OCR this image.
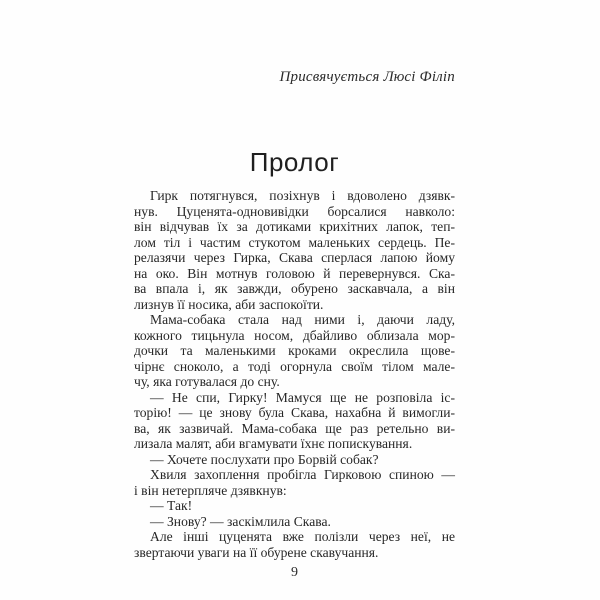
Присвячується Люсі Філіп
Пролог
Гирк потягнувся, позіхнув і вдоволено дзявк-
нув. Цуценята-одновивідки борсалися навколо:
він відчував їх за дотиками крихітних лапок, теп-
лом тіл і частим стукотом маленьких сердець. Пе-
релазячи через Гирка, Скава сперлася лапою йому
на око. Він мотнув головою й перевернувся. Ска-
ва впала і, як завжди, обурено заскавчала, а він
лизнув її носика, аби заспокоїти.
Мама-собака стала над ними і, даючи ладу,
кожного тицьнула носом, дбайливо облизала мор-
дочки та маленькими кроками окреслила щове-
чірнє сноколо, а тоді огорнула своїм тілом мале-
чу, яка готувалася до сну.
— Не спи, Гирку! Мамуся ще не розповіла іс-
торію! — це знову була Скава, нахабна й вимогли-
ва, як зазвичай. Мама-собака ще раз ретельно ви-
лизала малят, аби вгамувати їхнє попискування.
— Хочете послухати про Борвій собак?
Хвиля захоплення пробігла Гирковою спиною —
і він нетерпляче дзявкнув:
— Так!
— Знову? — заскімлила Скава.
Але інші цуценята вже полізли через неї, не
звертаючи уваги на її обурене скавучання.
9
